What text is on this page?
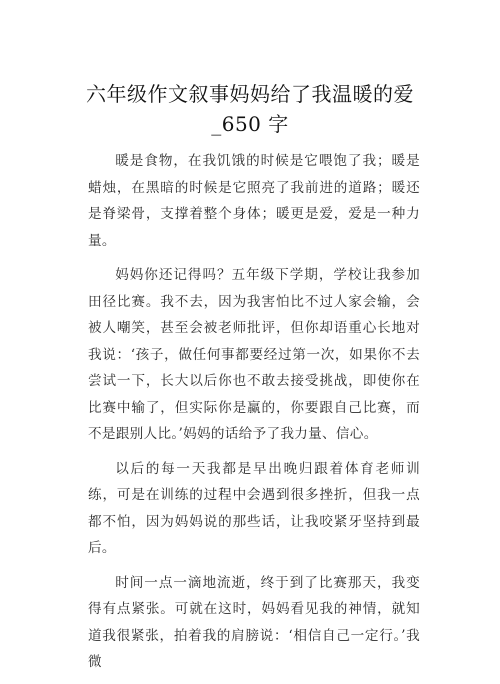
六年级作文叙事妈妈给了我温暖的爱
_650 字

暖是食物，在我饥饿的时候是它喂饱了我；暖是蜡烛，在黑暗的时候是它照亮了我前进的道路；暖还是脊梁骨，支撑着整个身体；暖更是爱，爱是一种力量。

妈妈你还记得吗？五年级下学期，学校让我参加田径比赛。我不去，因为我害怕比不过人家会输，会被人嘲笑，甚至会被老师批评，但你却语重心长地对我说：‘孩子，做任何事都要经过第一次，如果你不去尝试一下，长大以后你也不敢去接受挑战，即使你在比赛中输了，但实际你是赢的，你要跟自己比赛，而不是跟别人比。’妈妈的话给予了我力量、信心。

以后的每一天我都是早出晚归跟着体育老师训练，可是在训练的过程中会遇到很多挫折，但我一点都不怕，因为妈妈说的那些话，让我咬紧牙坚持到最后。

时间一点一滴地流逝，终于到了比赛那天，我变得有点紧张。可就在这时，妈妈看见我的神情，就知道我很紧张，拍着我的肩膀说：‘相信自己一定行。’我微
